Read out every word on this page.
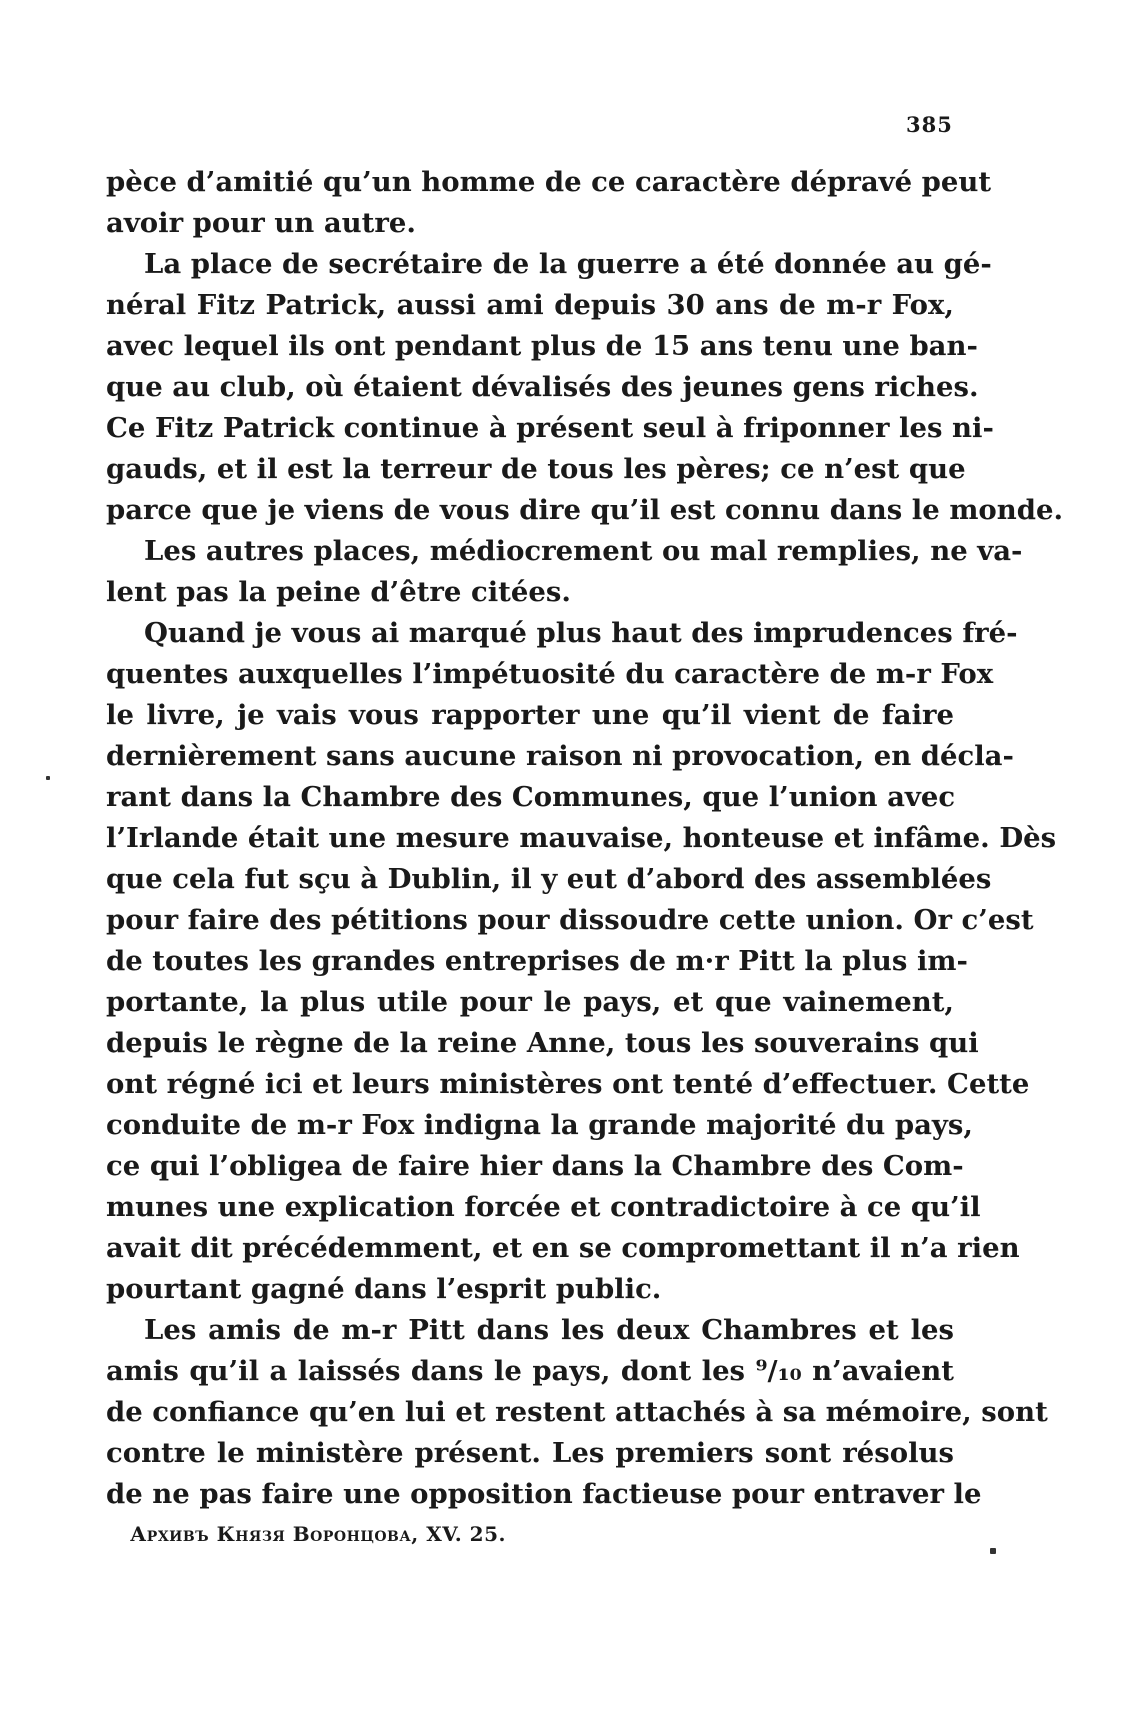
385
pèce d’amitié qu’un homme de ce caractère dépravé peut
avoir pour un autre.
La place de secrétaire de la guerre a été donnée au gé-
néral Fitz Patrick, aussi ami depuis 30 ans de m-r Fox,
avec lequel ils ont pendant plus de 15 ans tenu une ban-
que au club, où étaient dévalisés des jeunes gens riches.
Ce Fitz Patrick continue à présent seul à friponner les ni-
gauds, et il est la terreur de tous les pères; ce n’est que
parce que je viens de vous dire qu’il est connu dans le monde.
Les autres places, médiocrement ou mal remplies, ne va-
lent pas la peine d’être citées.
Quand je vous ai marqué plus haut des imprudences fré-
quentes auxquelles l’impétuosité du caractère de m-r Fox
le livre, je vais vous rapporter une qu’il vient de faire
dernièrement sans aucune raison ni provocation, en décla-
rant dans la Chambre des Communes, que l’union avec
l’Irlande était une mesure mauvaise, honteuse et infâme. Dès
que cela fut sçu à Dublin, il y eut d’abord des assemblées
pour faire des pétitions pour dissoudre cette union. Or c’est
de toutes les grandes entreprises de m·r Pitt la plus im-
portante, la plus utile pour le pays, et que vainement,
depuis le règne de la reine Anne, tous les souverains qui
ont régné ici et leurs ministères ont tenté d’effectuer. Cette
conduite de m-r Fox indigna la grande majorité du pays,
ce qui l’obligea de faire hier dans la Chambre des Com-
munes une explication forcée et contradictoire à ce qu’il
avait dit précédemment, et en se compromettant il n’a rien
pourtant gagné dans l’esprit public.
Les amis de m-r Pitt dans les deux Chambres et les
amis qu’il a laissés dans le pays, dont les ⁹/₁₀ n’avaient
de confiance qu’en lui et restent attachés à sa mémoire, sont
contre le ministère présent. Les premiers sont résolus
de ne pas faire une opposition factieuse pour entraver le
Архивъ Князя Воронцова, XV. 25.
